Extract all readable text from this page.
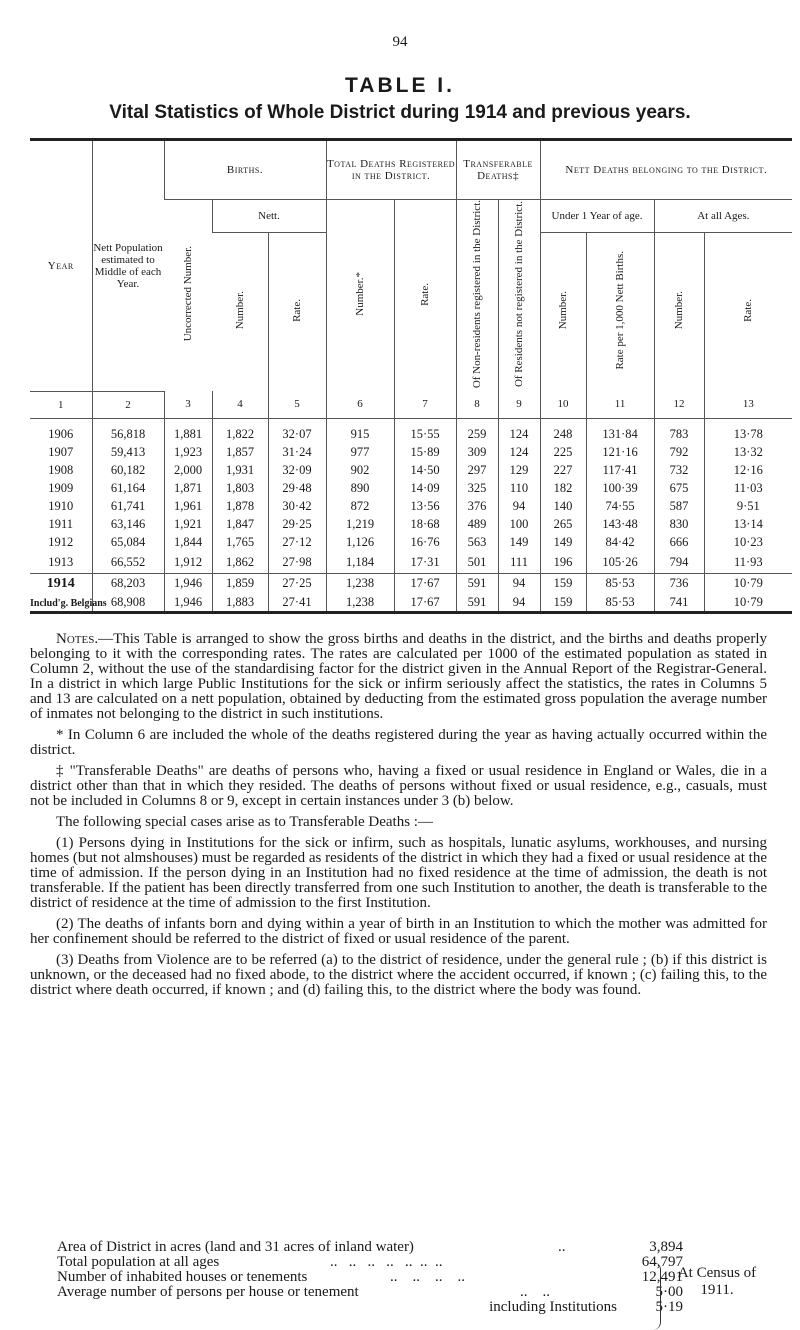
94
TABLE I.
Vital Statistics of Whole District during 1914 and previous years.
Year	Nett Population estimated to Middle of each Year.	Births.			Total Deaths Registered in the District.		Transferable Deaths‡		Nett Deaths belonging to the District.			
		Uncorrected Number.	Nett.		Number.*	Rate.	Of Non-residents registered in the District.	Of Residents not registered in the District.	Under 1 Year of age.		At all Ages.	
			Number.	Rate.					Number.	Rate per 1,000 Nett Births.	Number.	Rate.
1	2	3	4	5	6	7	8	9	10	11	12	13
1906	56,818	1,881	1,822	32·07	915	15·55	259	124	248	131·84	783	13·78
1907	59,413	1,923	1,857	31·24	977	15·89	309	124	225	121·16	792	13·32
1908	60,182	2,000	1,931	32·09	902	14·50	297	129	227	117·41	732	12·16
1909	61,164	1,871	1,803	29·48	890	14·09	325	110	182	100·39	675	11·03
1910	61,741	1,961	1,878	30·42	872	13·56	376	94	140	74·55	587	9·51
1911	63,146	1,921	1,847	29·25	1,219	18·68	489	100	265	143·48	830	13·14
1912	65,084	1,844	1,765	27·12	1,126	16·76	563	149	149	84·42	666	10·23
1913	66,552	1,912	1,862	27·98	1,184	17·31	501	111	196	105·26	794	11·93
1914	68,203	1,946	1,859	27·25	1,238	17·67	591	94	159	85·53	736	10·79
Includ'g. Belgians	68,908	1,946	1,883	27·41	1,238	17·67	591	94	159	85·53	741	10·79

Notes.—This Table is arranged to show the gross births and deaths in the district, and the births and deaths properly belonging to it with the corresponding rates. The rates are calculated per 1000 of the estimated population as stated in Column 2, without the use of the standardising factor for the district given in the Annual Report of the Registrar-General. In a district in which large Public Institutions for the sick or infirm seriously affect the statistics, the rates in Columns 5 and 13 are calculated on a nett population, obtained by deducting from the estimated gross population the average number of inmates not belonging to the district in such institutions.

* In Column 6 are included the whole of the deaths registered during the year as having actually occurred within the district.

‡ "Transferable Deaths" are deaths of persons who, having a fixed or usual residence in England or Wales, die in a district other than that in which they resided. The deaths of persons without fixed or usual residence, e.g., casuals, must not be included in Columns 8 or 9, except in certain instances under 3 (b) below.

The following special cases arise as to Transferable Deaths :—

(1) Persons dying in Institutions for the sick or infirm, such as hospitals, lunatic asylums, workhouses, and nursing homes (but not almshouses) must be regarded as residents of the district in which they had a fixed or usual residence at the time of admission. If the person dying in an Institution had no fixed residence at the time of admission, the death is not transferable. If the patient has been directly transferred from one such Institution to another, the death is transferable to the district of residence at the time of admission to the first Institution.

(2) The deaths of infants born and dying within a year of birth in an Institution to which the mother was admitted for her confinement should be referred to the district of fixed or usual residence of the parent.

(3) Deaths from Violence are to be referred (a) to the district of residence, under the general rule ; (b) if this district is unknown, or the deceased had no fixed abode, to the district where the accident occurred, if known ; (c) failing this, to the district where death occurred, if known ; and (d) failing this, to the district where the body was found.

Area of District in acres (land and 31 acres of inland water)	..	3,894
Total population at all ages	..   ..   ..   ..   ..  ..  ..	64,797
Number of inhabited houses or tenements	..    ..    ..    ..	12,491
Average number of persons per house or tenement	..    ..	5·00
including Institutions	5·19
At Census of 1911.
